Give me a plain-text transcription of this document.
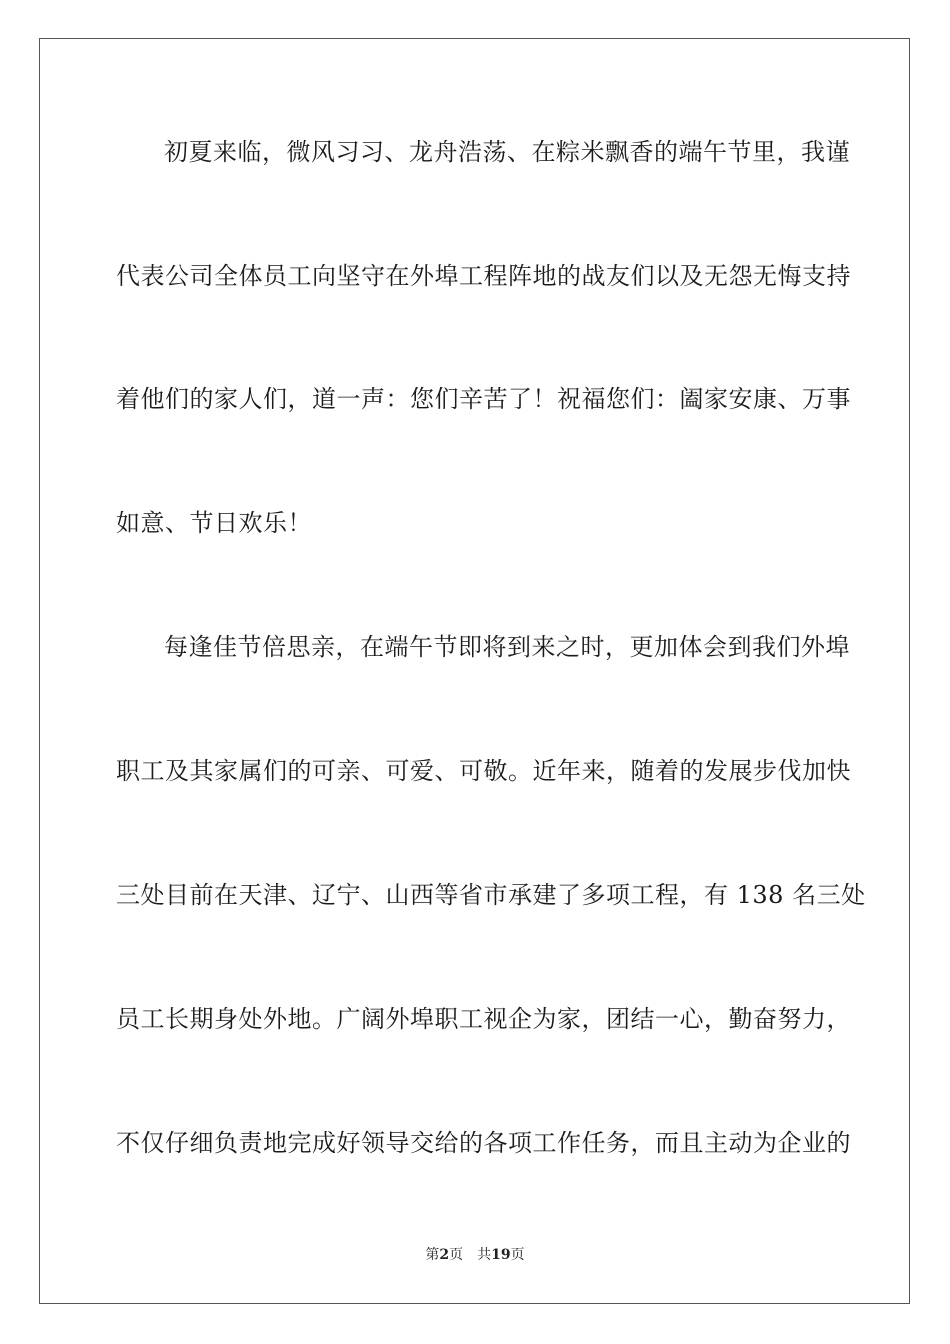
初夏来临，微风习习、龙舟浩荡、在粽米飘香的端午节里，我谨
代表公司全体员工向坚守在外埠工程阵地的战友们以及无怨无悔支持
着他们的家人们，道一声：您们辛苦了！祝福您们：阖家安康、万事
如意、节日欢乐！
每逢佳节倍思亲，在端午节即将到来之时，更加体会到我们外埠
职工及其家属们的可亲、可爱、可敬。近年来，随着的发展步伐加快
三处目前在天津、辽宁、山西等省市承建了多项工程，有 138 名三处
员工长期身处外地。广阔外埠职工视企为家，团结一心，勤奋努力，
不仅仔细负责地完成好领导交给的各项工作任务，而且主动为企业的
第2页 共19页
